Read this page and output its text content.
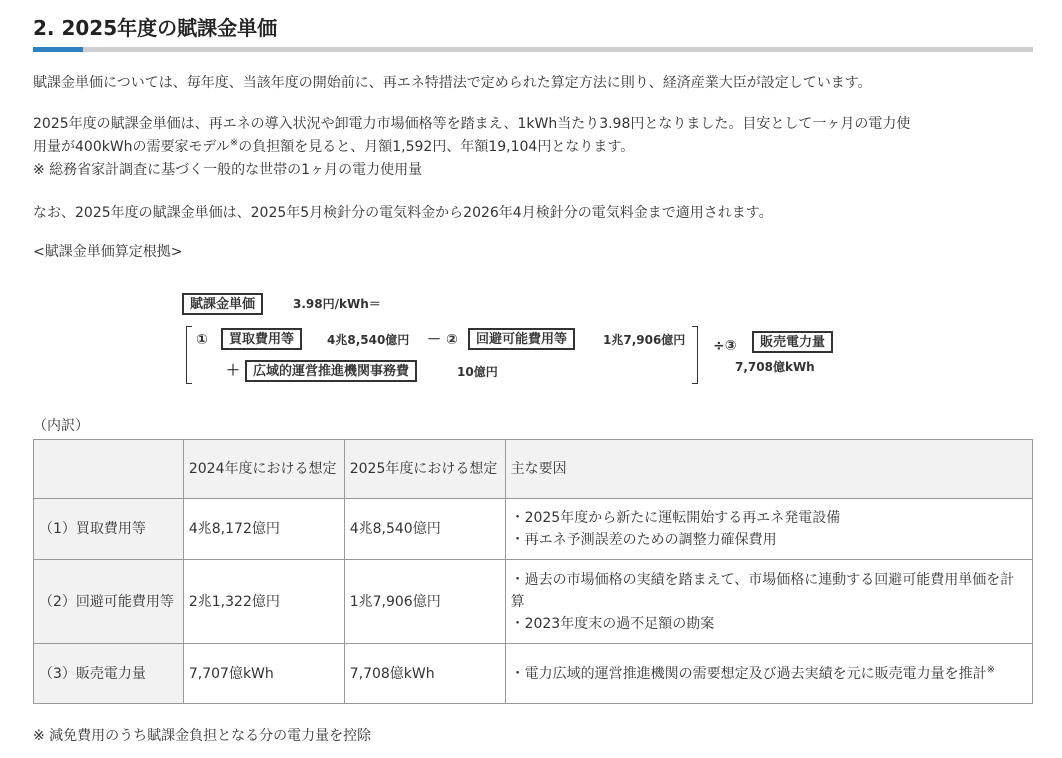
2. 2025年度の賦課金単価

賦課金単価については、毎年度、当該年度の開始前に、再エネ特措法で定められた算定方法に則り、経済産業大臣が設定しています。

2025年度の賦課金単価は、再エネの導入状況や卸電力市場価格等を踏まえ、1kWh当たり3.98円となりました。目安として一ヶ月の電力使
用量が400kWhの需要家モデル※の負担額を見ると、月額1,592円、年額19,104円となります。
※ 総務省家計調査に基づく一般的な世帯の1ヶ月の電力使用量

なお、2025年度の賦課金単価は、2025年5月検針分の電気料金から2026年4月検針分の電気料金まで適用されます。

<賦課金単価算定根拠>

賦課金単価	3.98円/kWh＝
①	買取費用等	4兆8,540億円 － ②	回避可能費用等	1兆7,906億円
＋	広域的運営推進機関事務費	10億円
÷③	販売電力量
7,708億kWh

（内訳）

	2024年度における想定	2025年度における想定	主な要因
（1）買取費用等	4兆8,172億円	4兆8,540億円	・2025年度から新たに運転開始する再エネ発電設備
・再エネ予測誤差のための調整力確保費用

（2）回避可能費用等	2兆1,322億円	1兆7,906億円	・過去の市場価格の実績を踏まえて、市場価格に連動する回避可能費用単価を計算
・2023年度末の過不足額の勘案

（3）販売電力量	7,707億kWh	7,708億kWh	・電力広域的運営推進機関の需要想定及び過去実績を元に販売電力量を推計※

※ 減免費用のうち賦課金負担となる分の電力量を控除
